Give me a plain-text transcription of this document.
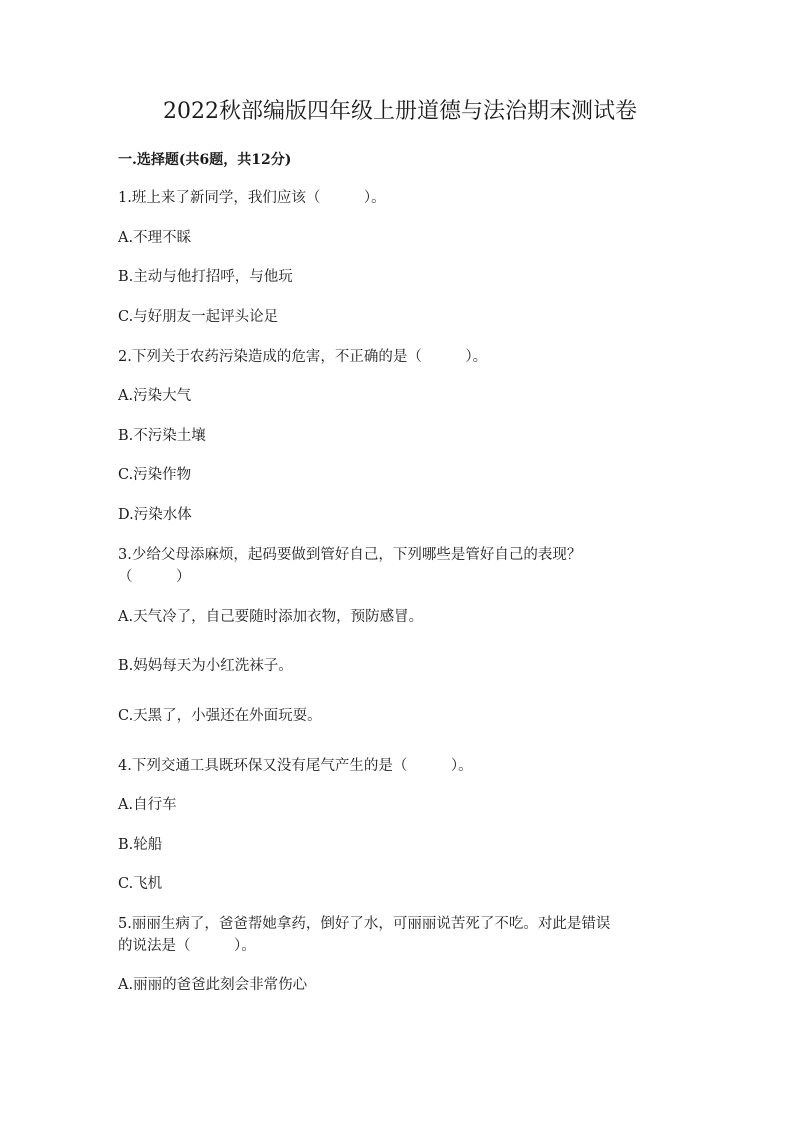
2022秋部编版四年级上册道德与法治期末测试卷
一.选择题(共6题，共12分)
1.班上来了新同学，我们应该（　　　）。
A.不理不睬
B.主动与他打招呼，与他玩
C.与好朋友一起评头论足
2.下列关于农药污染造成的危害，不正确的是（　　　）。
A.污染大气
B.不污染土壤
C.污染作物
D.污染水体
3.少给父母添麻烦，起码要做到管好自己，下列哪些是管好自己的表现？
（　　　）
A.天气冷了，自己要随时添加衣物，预防感冒。
B.妈妈每天为小红洗袜子。
C.天黑了，小强还在外面玩耍。
4.下列交通工具既环保又没有尾气产生的是（　　　）。
A.自行车
B.轮船
C.飞机
5.丽丽生病了，爸爸帮她拿药，倒好了水，可丽丽说苦死了不吃。对此是错误
的说法是（　　　）。
A.丽丽的爸爸此刻会非常伤心
